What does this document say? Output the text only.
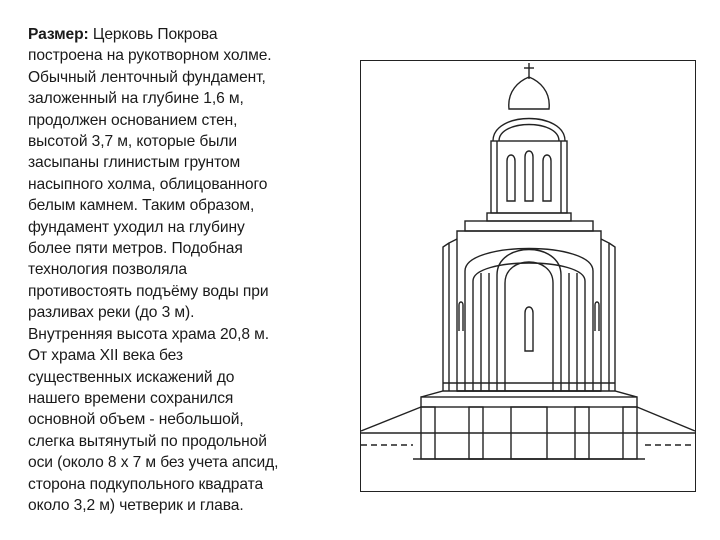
Размер: Церковь Покрова
построена на рукотворном холме.
Обычный ленточный фундамент,
заложенный на глубине 1,6 м,
продолжен основанием стен,
высотой 3,7 м, которые были
засыпаны глинистым грунтом
насыпного холма, облицованного
белым камнем. Таким образом,
фундамент уходил на глубину
более пяти метров. Подобная
технология позволяла
противостоять подъёму воды при
разливах реки (до 3 м).
Внутренняя высота храма 20,8 м.
От храма XII века без
существенных искажений до
нашего времени сохранился
основной объем - небольшой,
слегка вытянутый по продольной
оси (около 8 х 7 м без учета апсид,
сторона подкупольного квадрата
около 3,2 м) четверик и глава.
